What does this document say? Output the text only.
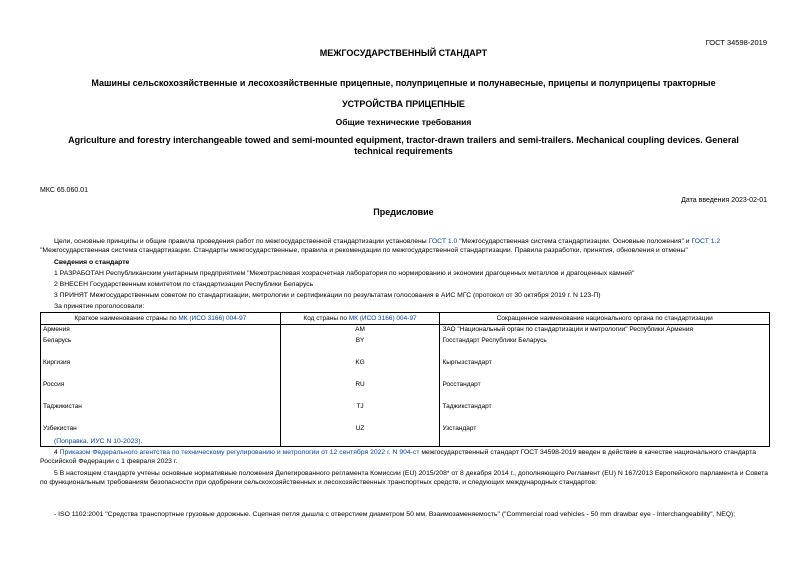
ГОСТ 34598-2019
МЕЖГОСУДАРСТВЕННЫЙ СТАНДАРТ
Машины сельскохозяйственные и лесохозяйственные прицепные, полуприцепные и полунавесные, прицепы и полуприцепы тракторные
УСТРОЙСТВА ПРИЦЕПНЫЕ
Общие технические требования
Agriculture and forestry interchangeable towed and semi-mounted equipment, tractor-drawn trailers and semi-trailers. Mechanical coupling devices. General technical requirements
МКС 65.060.01
Дата введения 2023-02-01
Предисловие
Цели, основные принципы и общие правила проведения работ по межгосударственной стандартизации установлены ГОСТ 1.0 "Межгосударственная система стандартизации. Основные положения" и ГОСТ 1.2 "Межгосударственная система стандартизации. Стандарты межгосударственные, правила и рекомендации по межгосударственной стандартизации. Правила разработки, принятия, обновления и отмены"
Сведения о стандарте
1 РАЗРАБОТАН Республиканским унитарным предприятием "Межотраслевая хозрасчетная лаборатория по нормированию и экономии драгоценных металлов и драгоценных камней"
2 ВНЕСЕН Государственным комитетом по стандартизации Республики Беларусь
3 ПРИНЯТ Межгосударственным советом по стандартизации, метрологии и сертификации по результатам голосования в АИС МГС (протокол от 30 октября 2019 г. N 123-П)
За принятие проголосовали:
Краткое наименование страны по МК (ИСО 3166) 004-97	Код страны по МК (ИСО 3166) 004-97	Сокращенное наименование национального органа по стандартизации
Армения	AM	ЗАО "Национальный орган по стандартизации и метрологии" Республики Армения
Беларусь	BY	Госстандарт Республики Беларусь
Киргизия	KG	Кыргызстандарт
Россия	RU	Росстандарт
Таджикистан	TJ	Таджикстандарт
Узбекистан	UZ	Узстандарт
(Поправка. ИУС N 10-2023).
4 Приказом Федерального агентства по техническому регулированию и метрологии от 12 сентября 2022 г. N 904-ст межгосударственный стандарт ГОСТ 34598-2019 введен в действие в качестве национального стандарта Российской Федерации с 1 февраля 2023 г.
5 В настоящем стандарте учтены основные нормативные положения Делегированного регламента Комиссии (EU) 2015/208* от 8 декабря 2014 г., дополняющего Регламент (EU) N 167/2013 Европейского парламента и Совета по функциональным требованиям безопасности при одобрении сельскохозяйственных и лесохозяйственных транспортных средств, и следующих международных стандартов:
- ISO 1102:2001 "Средства транспортные грузовые дорожные. Сцепная петля дышла с отверстием диаметром 50 мм. Взаимозаменяемость" ("Commercial road vehicles - 50 mm drawbar eye - Interchangeability", NEQ);
